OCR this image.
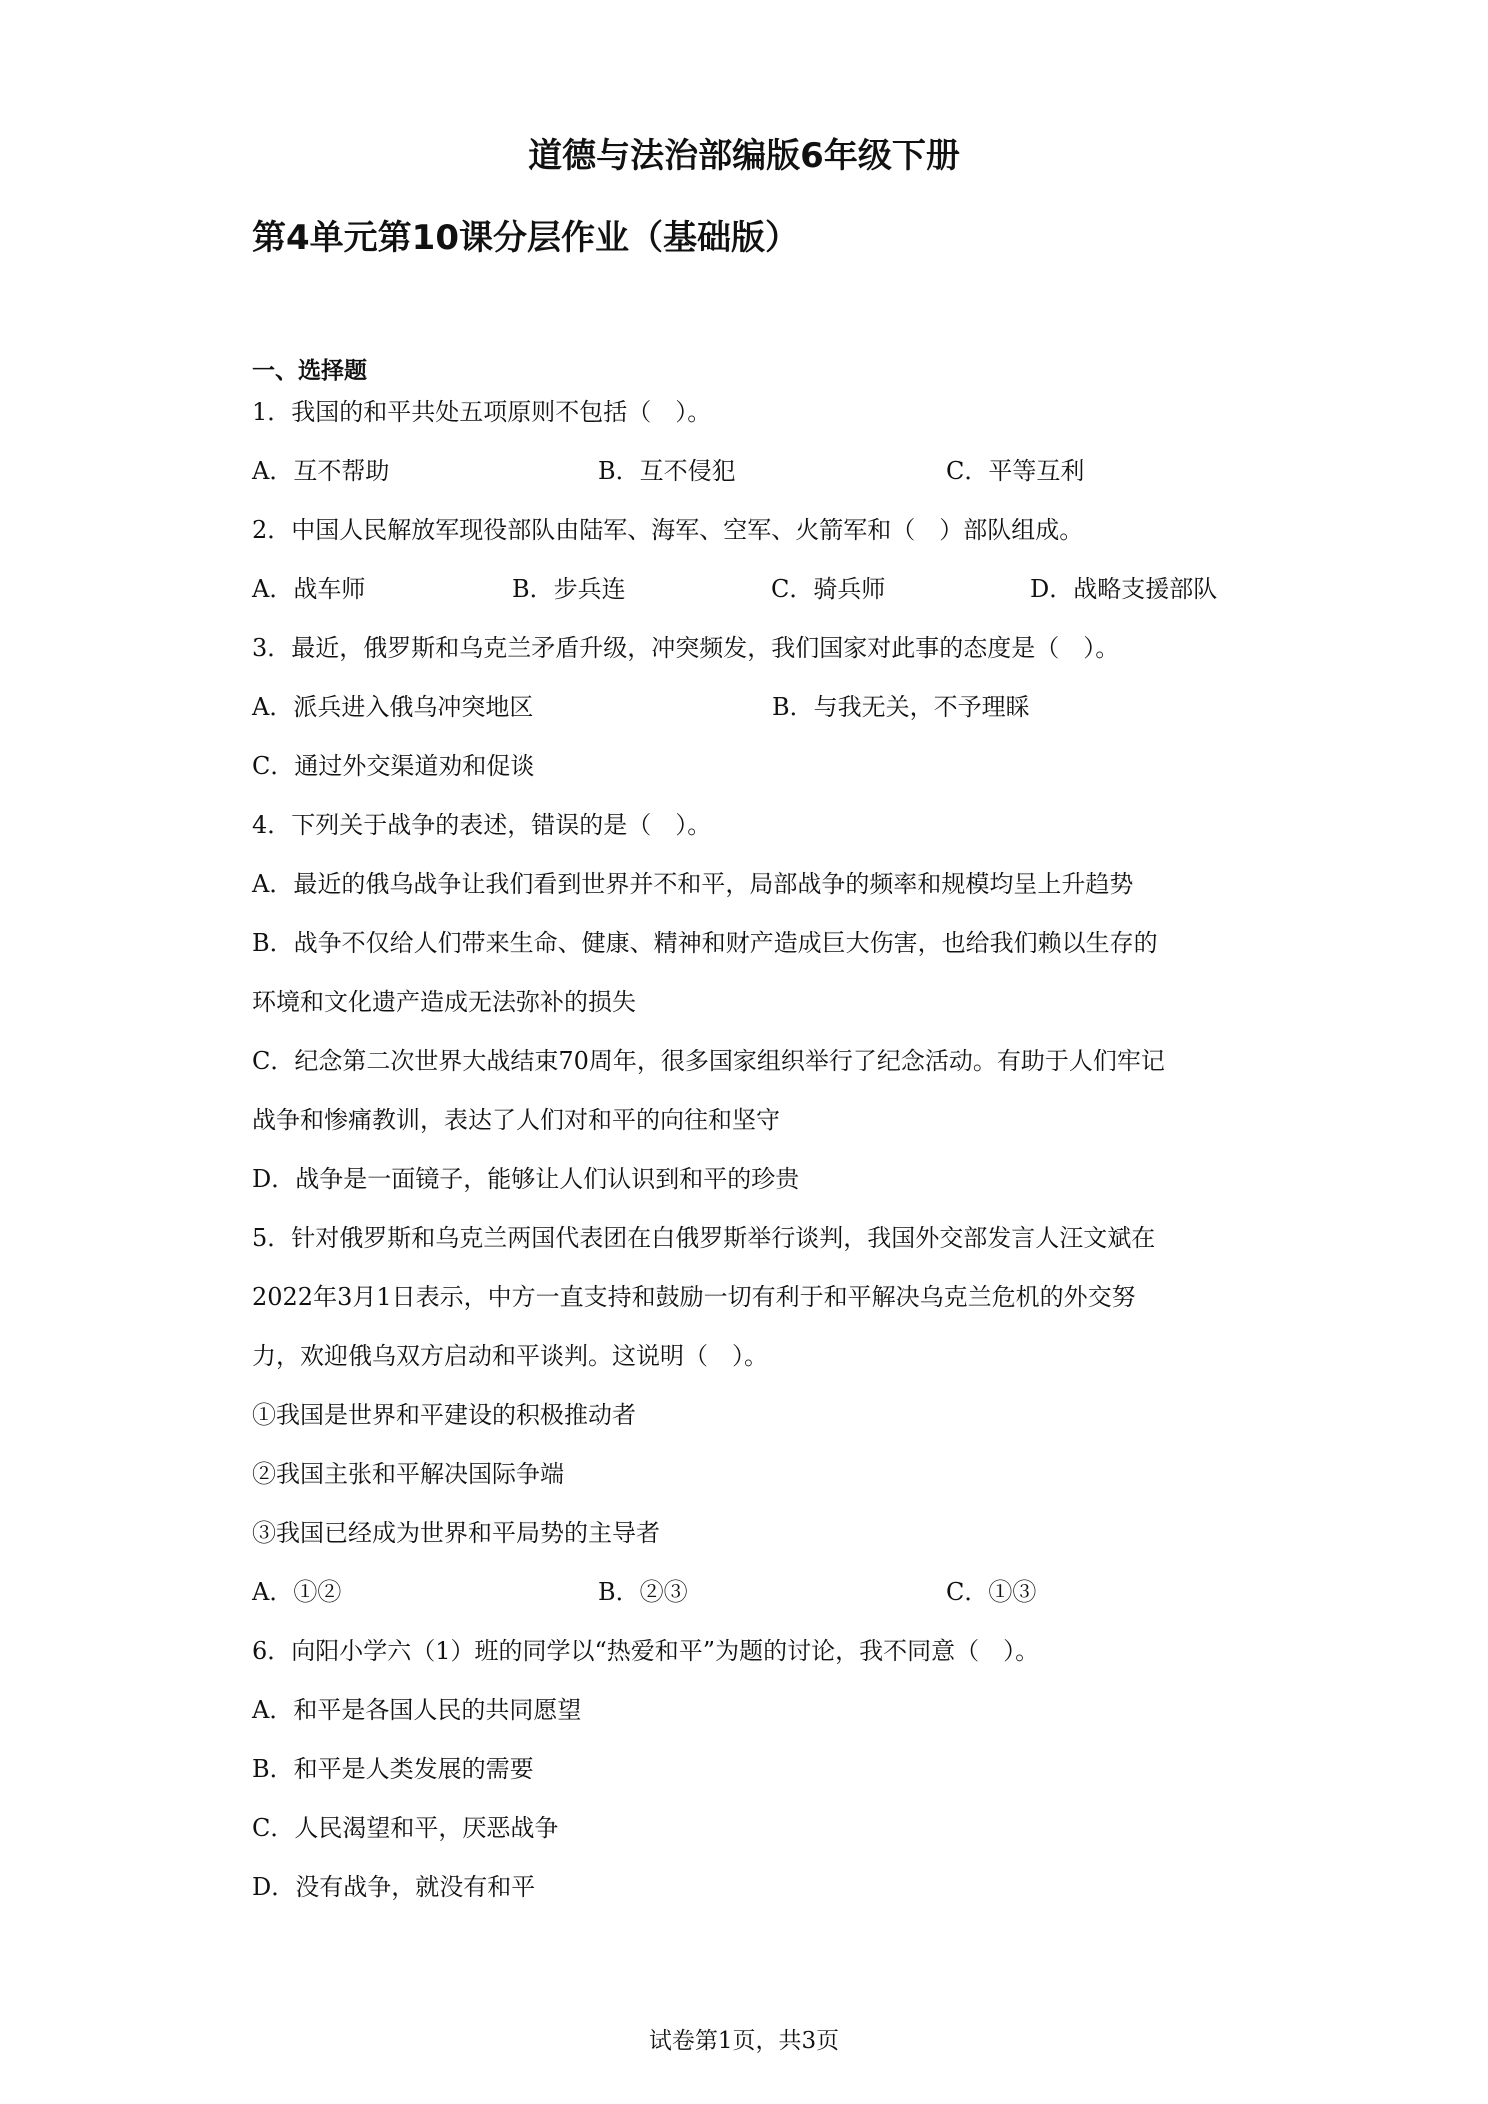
道德与法治部编版6年级下册
第4单元第10课分层作业（基础版）
一、选择题
1．我国的和平共处五项原则不包括（　）。
A．互不帮助	B．互不侵犯	C．平等互利
2．中国人民解放军现役部队由陆军、海军、空军、火箭军和（　）部队组成。
A．战车师	B．步兵连	C．骑兵师	D．战略支援部队
3．最近，俄罗斯和乌克兰矛盾升级，冲突频发，我们国家对此事的态度是（　）。
A．派兵进入俄乌冲突地区	B．与我无关，不予理睬
C．通过外交渠道劝和促谈
4．下列关于战争的表述，错误的是（　）。
A．最近的俄乌战争让我们看到世界并不和平，局部战争的频率和规模均呈上升趋势
B．战争不仅给人们带来生命、健康、精神和财产造成巨大伤害，也给我们赖以生存的
环境和文化遗产造成无法弥补的损失
C．纪念第二次世界大战结束70周年，很多国家组织举行了纪念活动。有助于人们牢记
战争和惨痛教训，表达了人们对和平的向往和坚守
D．战争是一面镜子，能够让人们认识到和平的珍贵
5．针对俄罗斯和乌克兰两国代表团在白俄罗斯举行谈判，我国外交部发言人汪文斌在
2022年3月1日表示，中方一直支持和鼓励一切有利于和平解决乌克兰危机的外交努
力，欢迎俄乌双方启动和平谈判。这说明（　）。
①我国是世界和平建设的积极推动者
②我国主张和平解决国际争端
③我国已经成为世界和平局势的主导者
A．①②	B．②③	C．①③
6．向阳小学六（1）班的同学以“热爱和平”为题的讨论，我不同意（　）。
A．和平是各国人民的共同愿望
B．和平是人类发展的需要
C．人民渴望和平，厌恶战争
D．没有战争，就没有和平
试卷第1页，共3页
